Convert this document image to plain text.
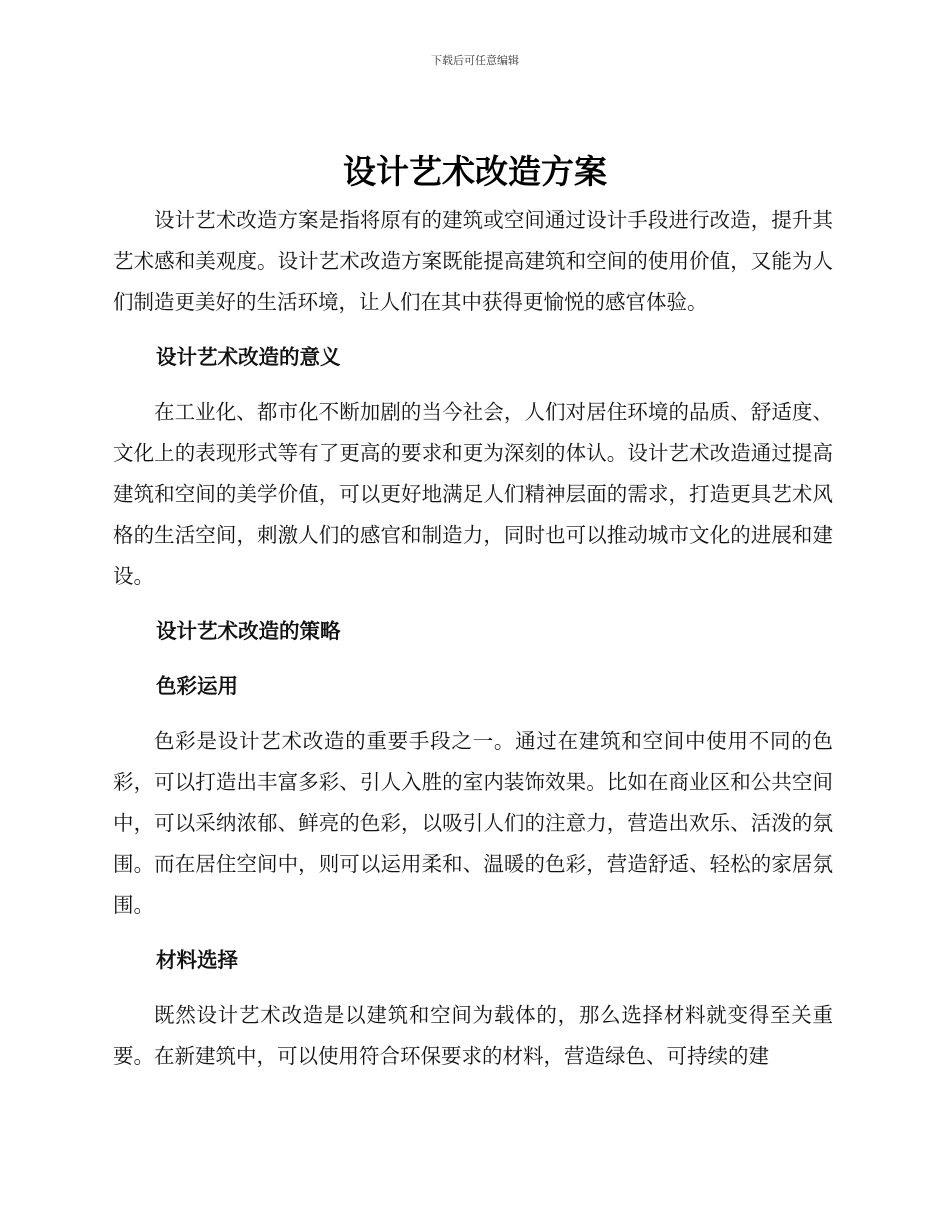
下载后可任意编辑
设计艺术改造方案

设计艺术改造方案是指将原有的建筑或空间通过设计手段进行改造，提升其艺术感和美观度。设计艺术改造方案既能提高建筑和空间的使用价值，又能为人们制造更美好的生活环境，让人们在其中获得更愉悦的感官体验。

设计艺术改造的意义

在工业化、都市化不断加剧的当今社会，人们对居住环境的品质、舒适度、文化上的表现形式等有了更高的要求和更为深刻的体认。设计艺术改造通过提高建筑和空间的美学价值，可以更好地满足人们精神层面的需求，打造更具艺术风格的生活空间，刺激人们的感官和制造力，同时也可以推动城市文化的进展和建设。

设计艺术改造的策略
色彩运用

色彩是设计艺术改造的重要手段之一。通过在建筑和空间中使用不同的色彩，可以打造出丰富多彩、引人入胜的室内装饰效果。比如在商业区和公共空间中，可以采纳浓郁、鲜亮的色彩，以吸引人们的注意力，营造出欢乐、活泼的氛围。而在居住空间中，则可以运用柔和、温暖的色彩，营造舒适、轻松的家居氛围。

材料选择

既然设计艺术改造是以建筑和空间为载体的，那么选择材料就变得至关重要。在新建筑中，可以使用符合环保要求的材料，营造绿色、可持续的建
